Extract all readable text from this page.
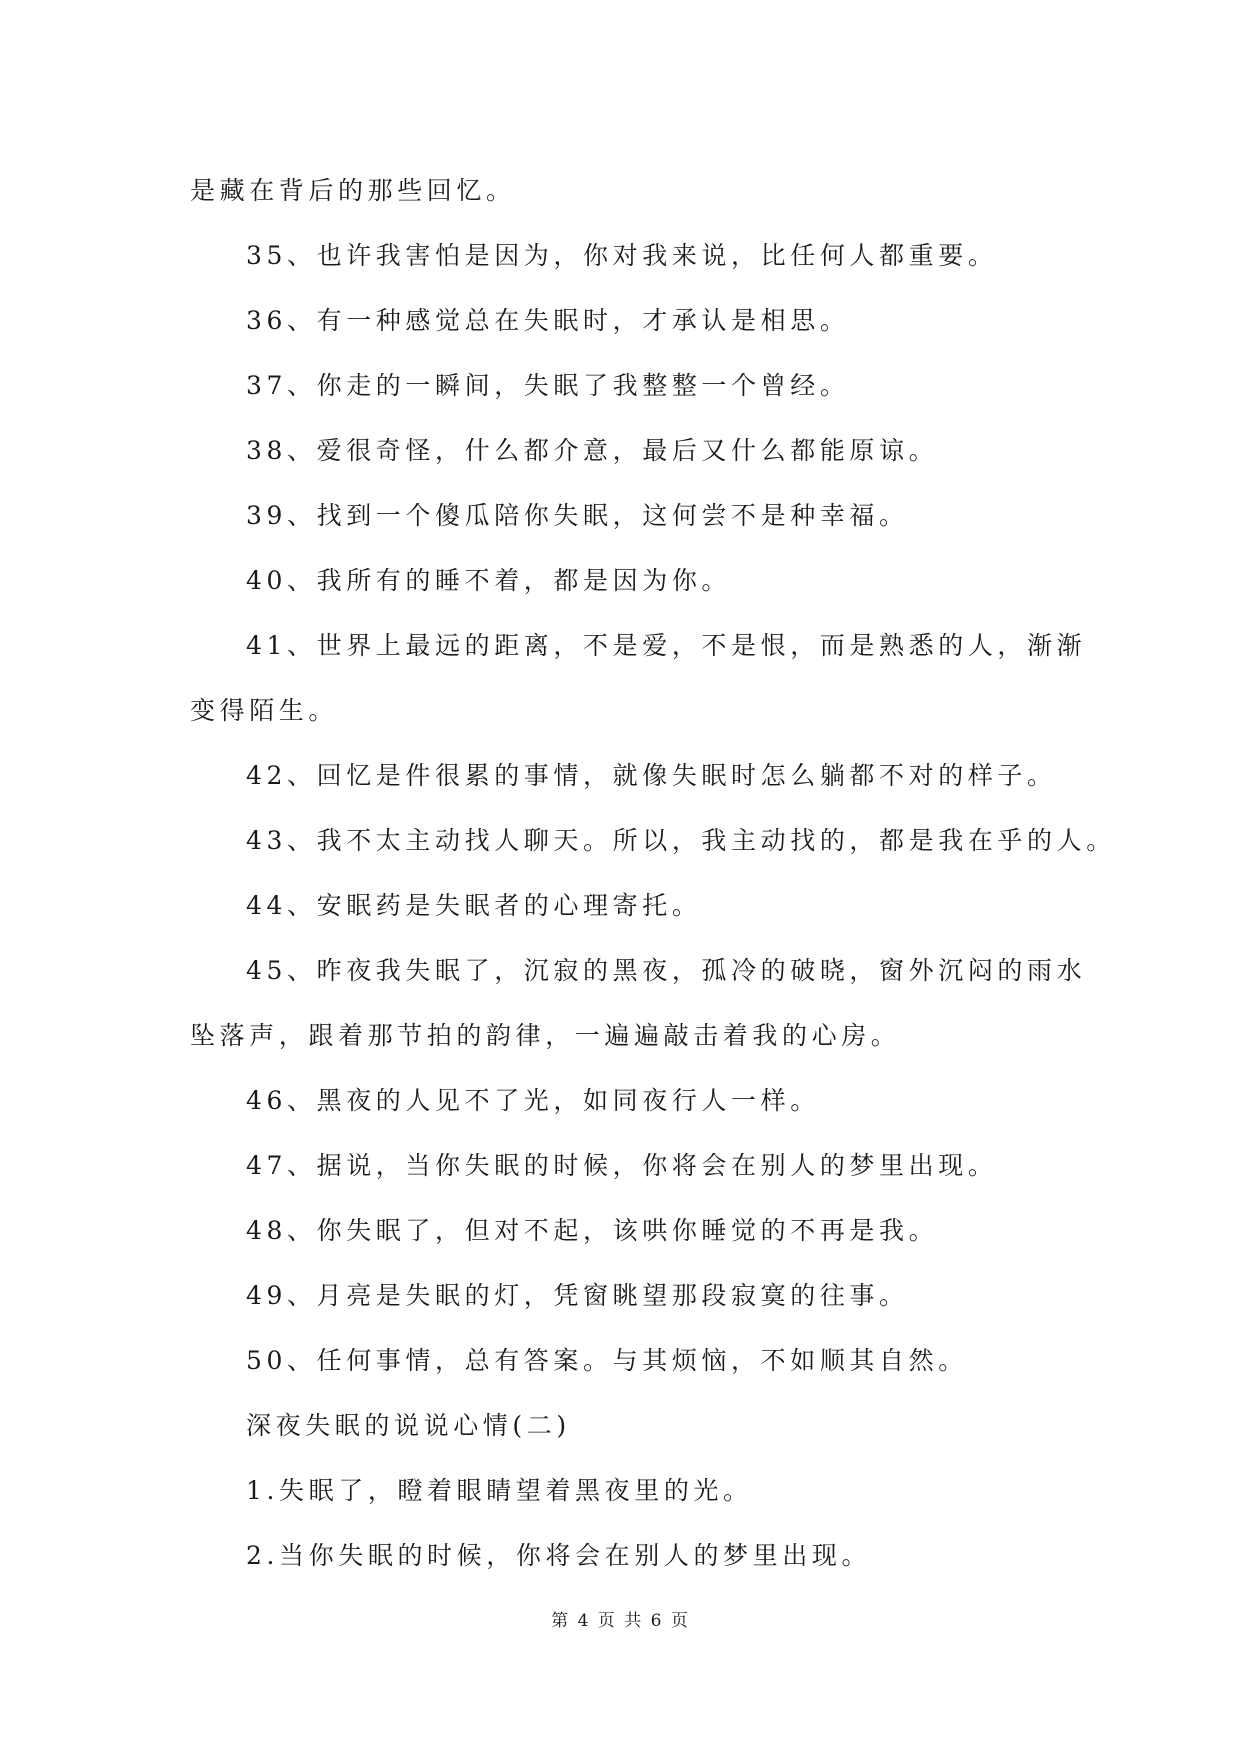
是藏在背后的那些回忆。
35、也许我害怕是因为，你对我来说，比任何人都重要。
36、有一种感觉总在失眠时，才承认是相思。
37、你走的一瞬间，失眠了我整整一个曾经。
38、爱很奇怪，什么都介意，最后又什么都能原谅。
39、找到一个傻瓜陪你失眠，这何尝不是种幸福。
40、我所有的睡不着，都是因为你。
41、世界上最远的距离，不是爱，不是恨，而是熟悉的人，渐渐
变得陌生。
42、回忆是件很累的事情，就像失眠时怎么躺都不对的样子。
43、我不太主动找人聊天。所以，我主动找的，都是我在乎的人。
44、安眠药是失眠者的心理寄托。
45、昨夜我失眠了，沉寂的黑夜，孤冷的破晓，窗外沉闷的雨水
坠落声，跟着那节拍的韵律，一遍遍敲击着我的心房。
46、黑夜的人见不了光，如同夜行人一样。
47、据说，当你失眠的时候，你将会在别人的梦里出现。
48、你失眠了，但对不起，该哄你睡觉的不再是我。
49、月亮是失眠的灯，凭窗眺望那段寂寞的往事。
50、任何事情，总有答案。与其烦恼，不如顺其自然。
深夜失眠的说说心情(二)
1.失眠了，瞪着眼睛望着黑夜里的光。
2.当你失眠的时候，你将会在别人的梦里出现。
第 4 页 共 6 页
